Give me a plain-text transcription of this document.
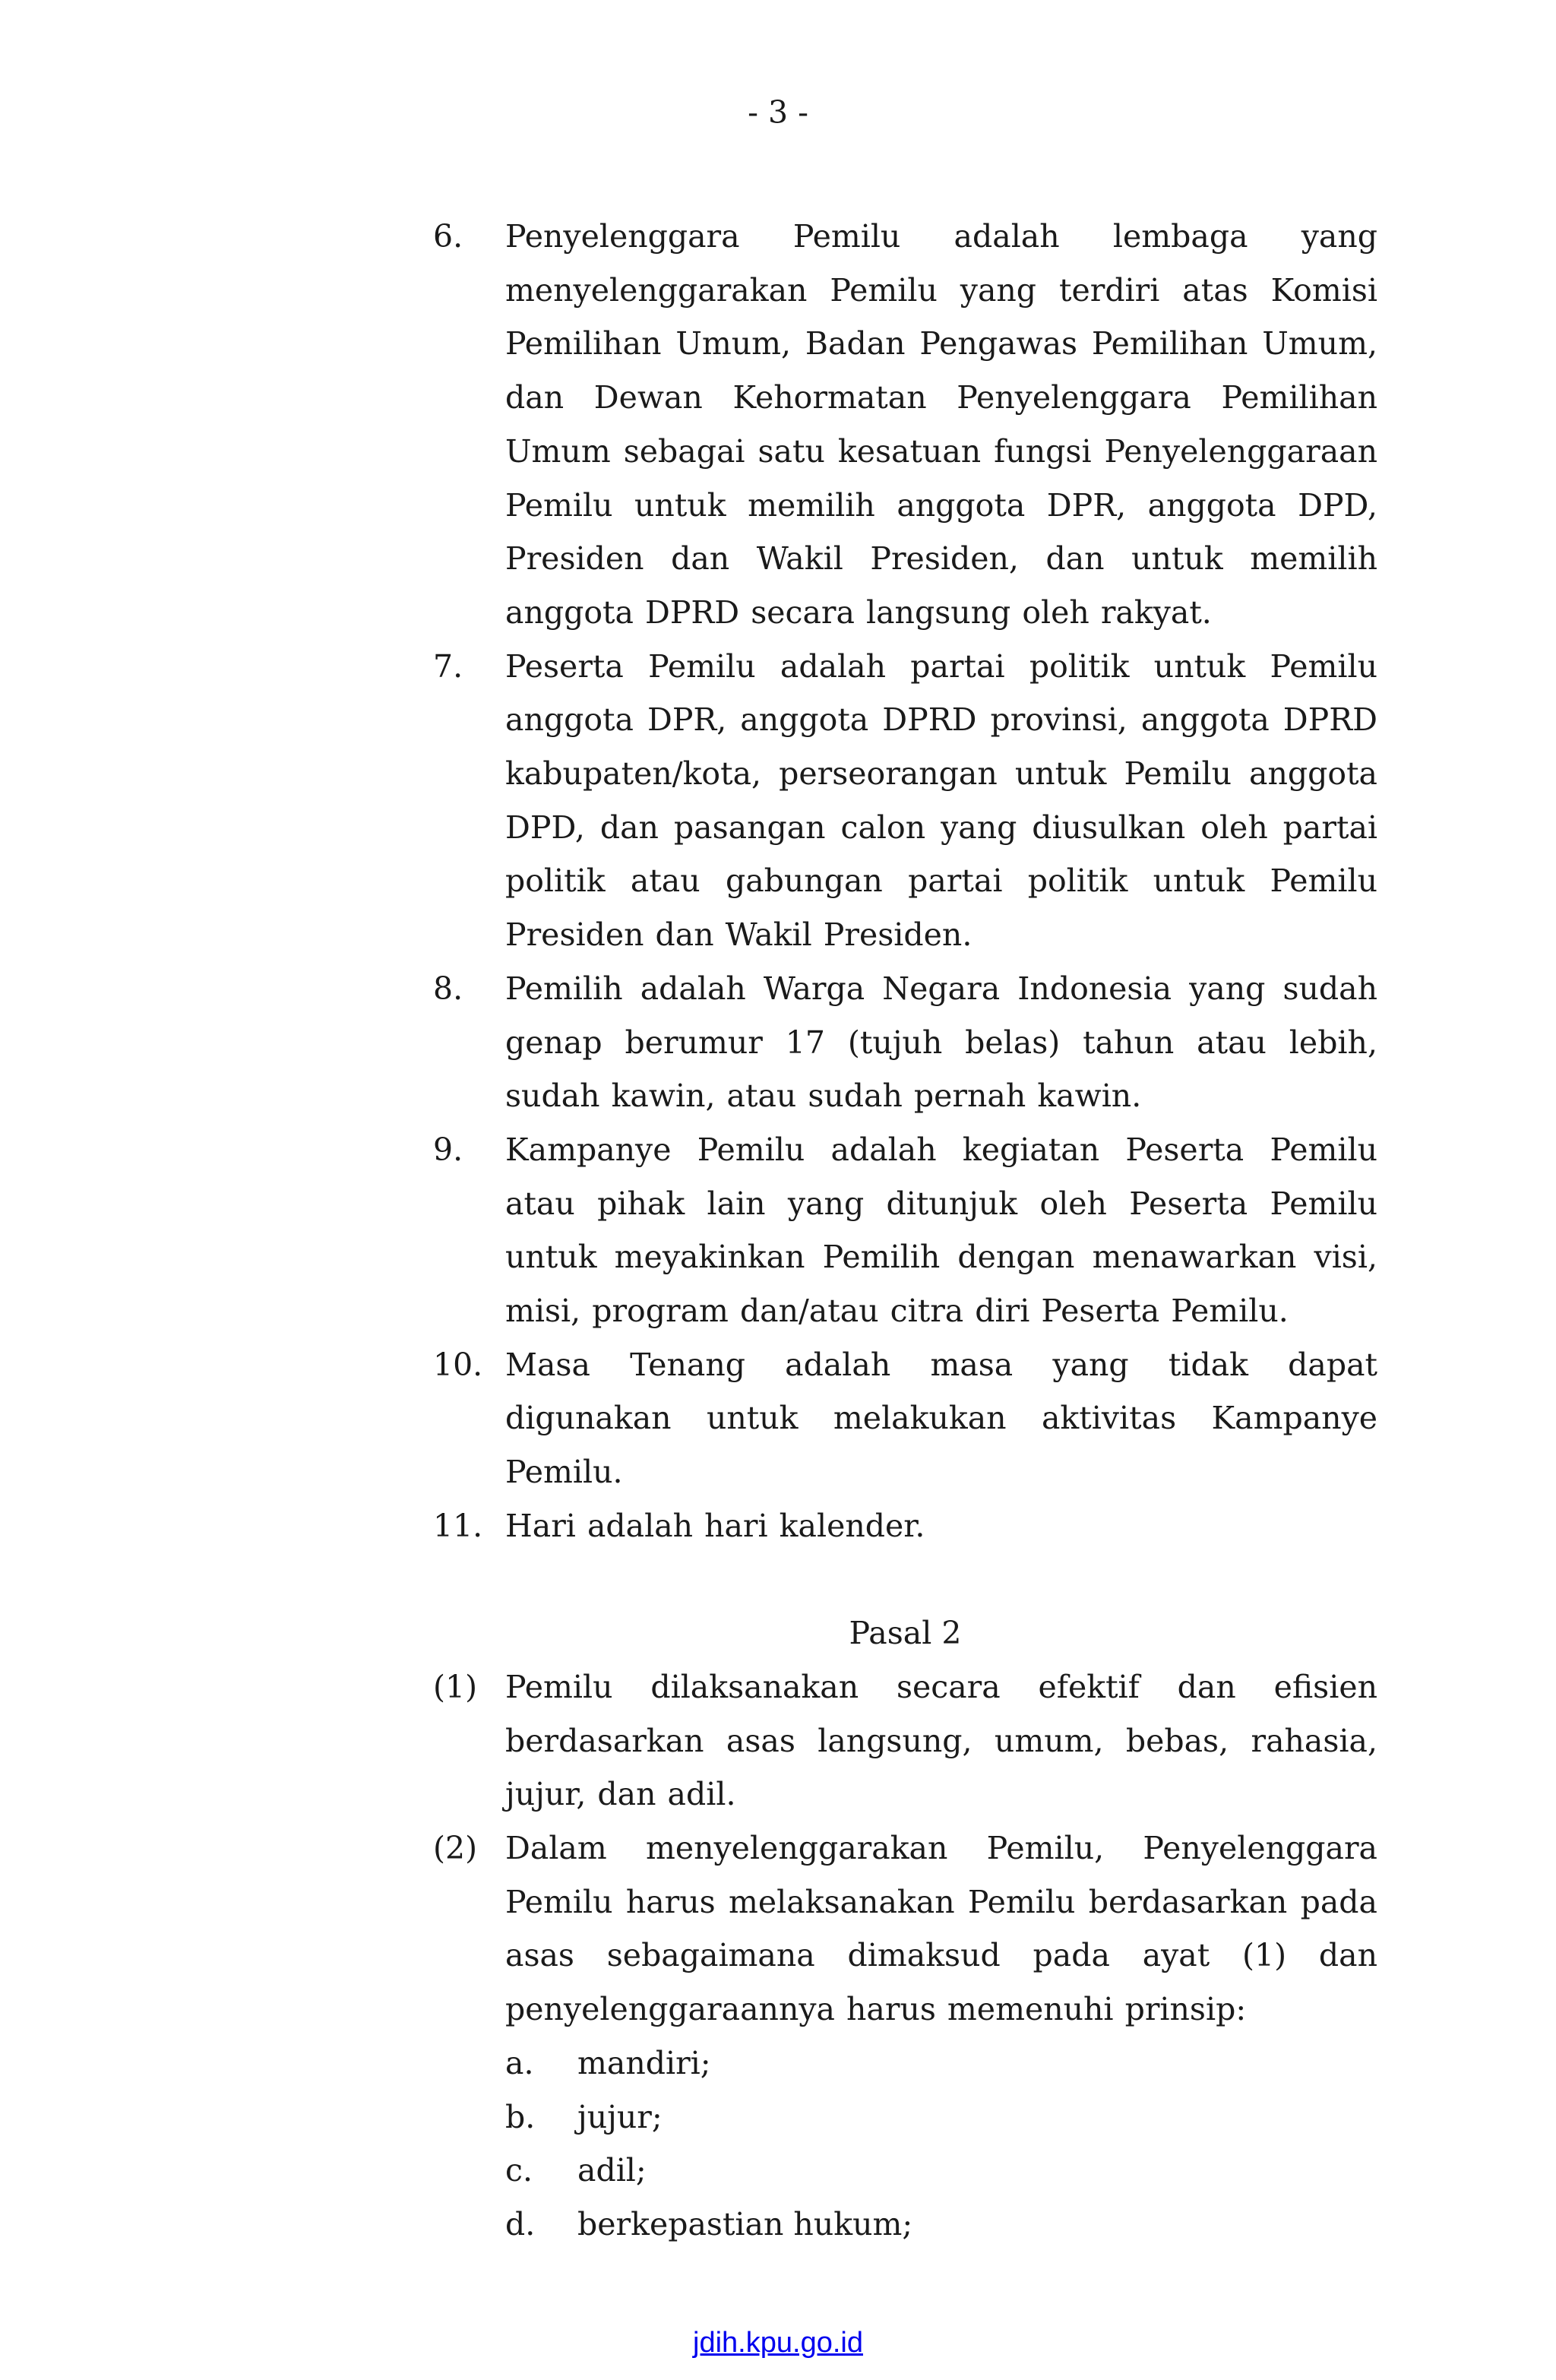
- 3 -
6.	Penyelenggara Pemilu adalah lembaga yang menyelenggarakan Pemilu yang terdiri atas Komisi Pemilihan Umum, Badan Pengawas Pemilihan Umum, dan Dewan Kehormatan Penyelenggara Pemilihan Umum sebagai satu kesatuan fungsi Penyelenggaraan Pemilu untuk memilih anggota DPR, anggota DPD, Presiden dan Wakil Presiden, dan untuk memilih anggota DPRD secara langsung oleh rakyat.
7.	Peserta Pemilu adalah partai politik untuk Pemilu anggota DPR, anggota DPRD provinsi, anggota DPRD kabupaten/kota, perseorangan untuk Pemilu anggota DPD, dan pasangan calon yang diusulkan oleh partai politik atau gabungan partai politik untuk Pemilu Presiden dan Wakil Presiden.
8.	Pemilih adalah Warga Negara Indonesia yang sudah genap berumur 17 (tujuh belas) tahun atau lebih, sudah kawin, atau sudah pernah kawin.
9.	Kampanye Pemilu adalah kegiatan Peserta Pemilu atau pihak lain yang ditunjuk oleh Peserta Pemilu untuk meyakinkan Pemilih dengan menawarkan visi, misi, program dan/atau citra diri Peserta Pemilu.
10. Masa Tenang adalah masa yang tidak dapat digunakan untuk melakukan aktivitas Kampanye Pemilu.
11. Hari adalah hari kalender.
Pasal 2
(1) Pemilu dilaksanakan secara efektif dan efisien berdasarkan asas langsung, umum, bebas, rahasia, jujur, dan adil.
(2) Dalam menyelenggarakan Pemilu, Penyelenggara Pemilu harus melaksanakan Pemilu berdasarkan pada asas sebagaimana dimaksud pada ayat (1) dan penyelenggaraannya harus memenuhi prinsip:
a.	mandiri;
b.	jujur;
c.	adil;
d.	berkepastian hukum;
jdih.kpu.go.id
